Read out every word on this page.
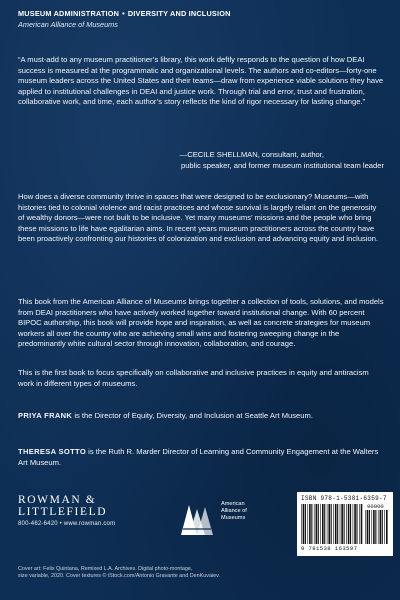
MUSEUM ADMINISTRATION • DIVERSITY AND INCLUSION
American Alliance of Museums
“A must-add to any museum practitioner’s library, this work deftly responds to the question of how DEAI success is measured at the programmatic and organizational levels. The authors and co-editors—forty-one museum leaders across the United States and their teams—draw from experience viable solutions they have applied to institutional challenges in DEAI and justice work. Through trial and error, trust and frustration, collaborative work, and time, each author’s story reflects the kind of rigor necessary for lasting change.”
—CECILE SHELLMAN, consultant, author,
public speaker, and former museum institutional team leader
How does a diverse community thrive in spaces that were designed to be exclusionary? Museums—with histories tied to colonial violence and racist practices and whose survival is largely reliant on the generosity of wealthy donors—were not built to be inclusive. Yet many museums’ missions and the people who bring these missions to life have egalitarian aims. In recent years museum practitioners across the country have been proactively confronting our histories of colonization and exclusion and advancing equity and inclusion.
This book from the American Alliance of Museums brings together a collection of tools, solutions, and models from DEAI practitioners who have actively worked together toward institutional change. With 60 percent BIPOC authorship, this book will provide hope and inspiration, as well as concrete strategies for museum workers all over the country who are achieving small wins and fostering sweeping change in the predominantly white cultural sector through innovation, collaboration, and courage.
This is the first book to focus specifically on collaborative and inclusive practices in equity and antiracism work in different types of museums.
PRIYA FRANK is the Director of Equity, Diversity, and Inclusion at Seattle Art Museum.
THERESA SOTTO is the Ruth R. Marder Director of Learning and Community Engagement at the Walters Art Museum.
ROWMAN &
LITTLEFIELD
800-462-6420 • www.rowman.com
American
Alliance of
Museums
ISBN 978-1-5381-6359-7
90000
9 781538 163597
Cover art: Felix Quintana, Remixed L.A. Archives. Digital photo-montage,
size variable, 2020. Cover textures © iStock.com/Antonio Gravante and DenKuvaiev.
